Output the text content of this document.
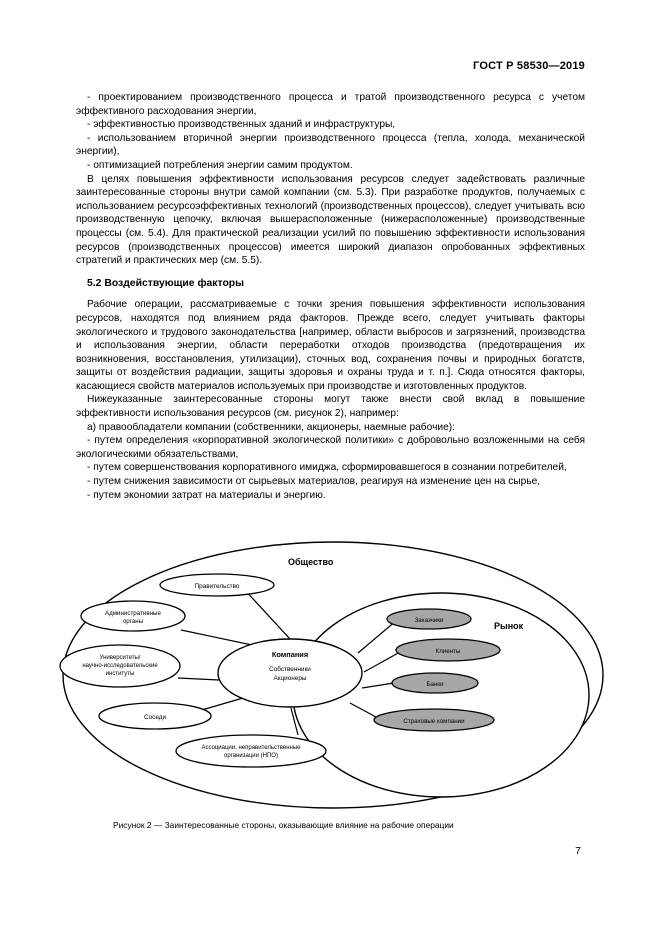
ГОСТ Р 58530—2019

- проектированием производственного процесса и тратой производственного ресурса с учетом эффективного расходования энергии,

- эффективностью производственных зданий и инфраструктуры,

- использованием вторичной энергии производственного процесса (тепла, холода, механической энергии),

- оптимизацией потребления энергии самим продуктом.

В целях повышения эффективности использования ресурсов следует задействовать различные заинтересованные стороны внутри самой компании (см. 5.3). При разработке продуктов, получаемых с использованием ресурсоэффективных технологий (производственных процессов), следует учитывать всю производственную цепочку, включая вышерасположенные (нижерасположенные) производственные процессы (см. 5.4). Для практической реализации усилий по повышению эффективности использования ресурсов (производственных процессов) имеется широкий диапазон опробованных эффективных стратегий и практических мер (см. 5.5).

5.2 Воздействующие факторы

Рабочие операции, рассматриваемые с точки зрения повышения эффективности использования ресурсов, находятся под влиянием ряда факторов. Прежде всего, следует учитывать факторы экологического и трудового законодательства [например, области выбросов и загрязнений, производства и использования энергии, области переработки отходов производства (предотвращения их возникновения, восстановления, утилизации), сточных вод, сохранения почвы и природных богатств, защиты от воздействия радиации, защиты здоровья и охраны труда и т. п.]. Сюда относятся факторы, касающиеся свойств материалов используемых при производстве и изготовленных продуктов.

Нижеуказанные заинтересованные стороны могут также внести свой вклад в повышение эффективности использования ресурсов (см. рисунок 2), например:

а) правообладатели компании (собственники, акционеры, наемные рабочие):

- путем определения «корпоративной экологической политики» с добровольно возложенными на себя экологическими обязательствами,

- путем совершенствования корпоративного имиджа, сформировавшегося в сознании потребителей,

- путем снижения зависимости от сырьевых материалов, реагируя на изменение цен на сырье,

- путем экономии затрат на материалы и энергию.

Общество
Рынок
Правительство
Административные
органы
Университеты/
научно-исследовательские
институты
Соседи
Ассоциации, неправительственные
организации (НПО)
Компания
Собственники
Акционеры
Заказчики
Клиенты
Банки
Страховые компании
Рисунок 2 — Заинтересованные стороны, оказывающие влияние на рабочие операции
7
